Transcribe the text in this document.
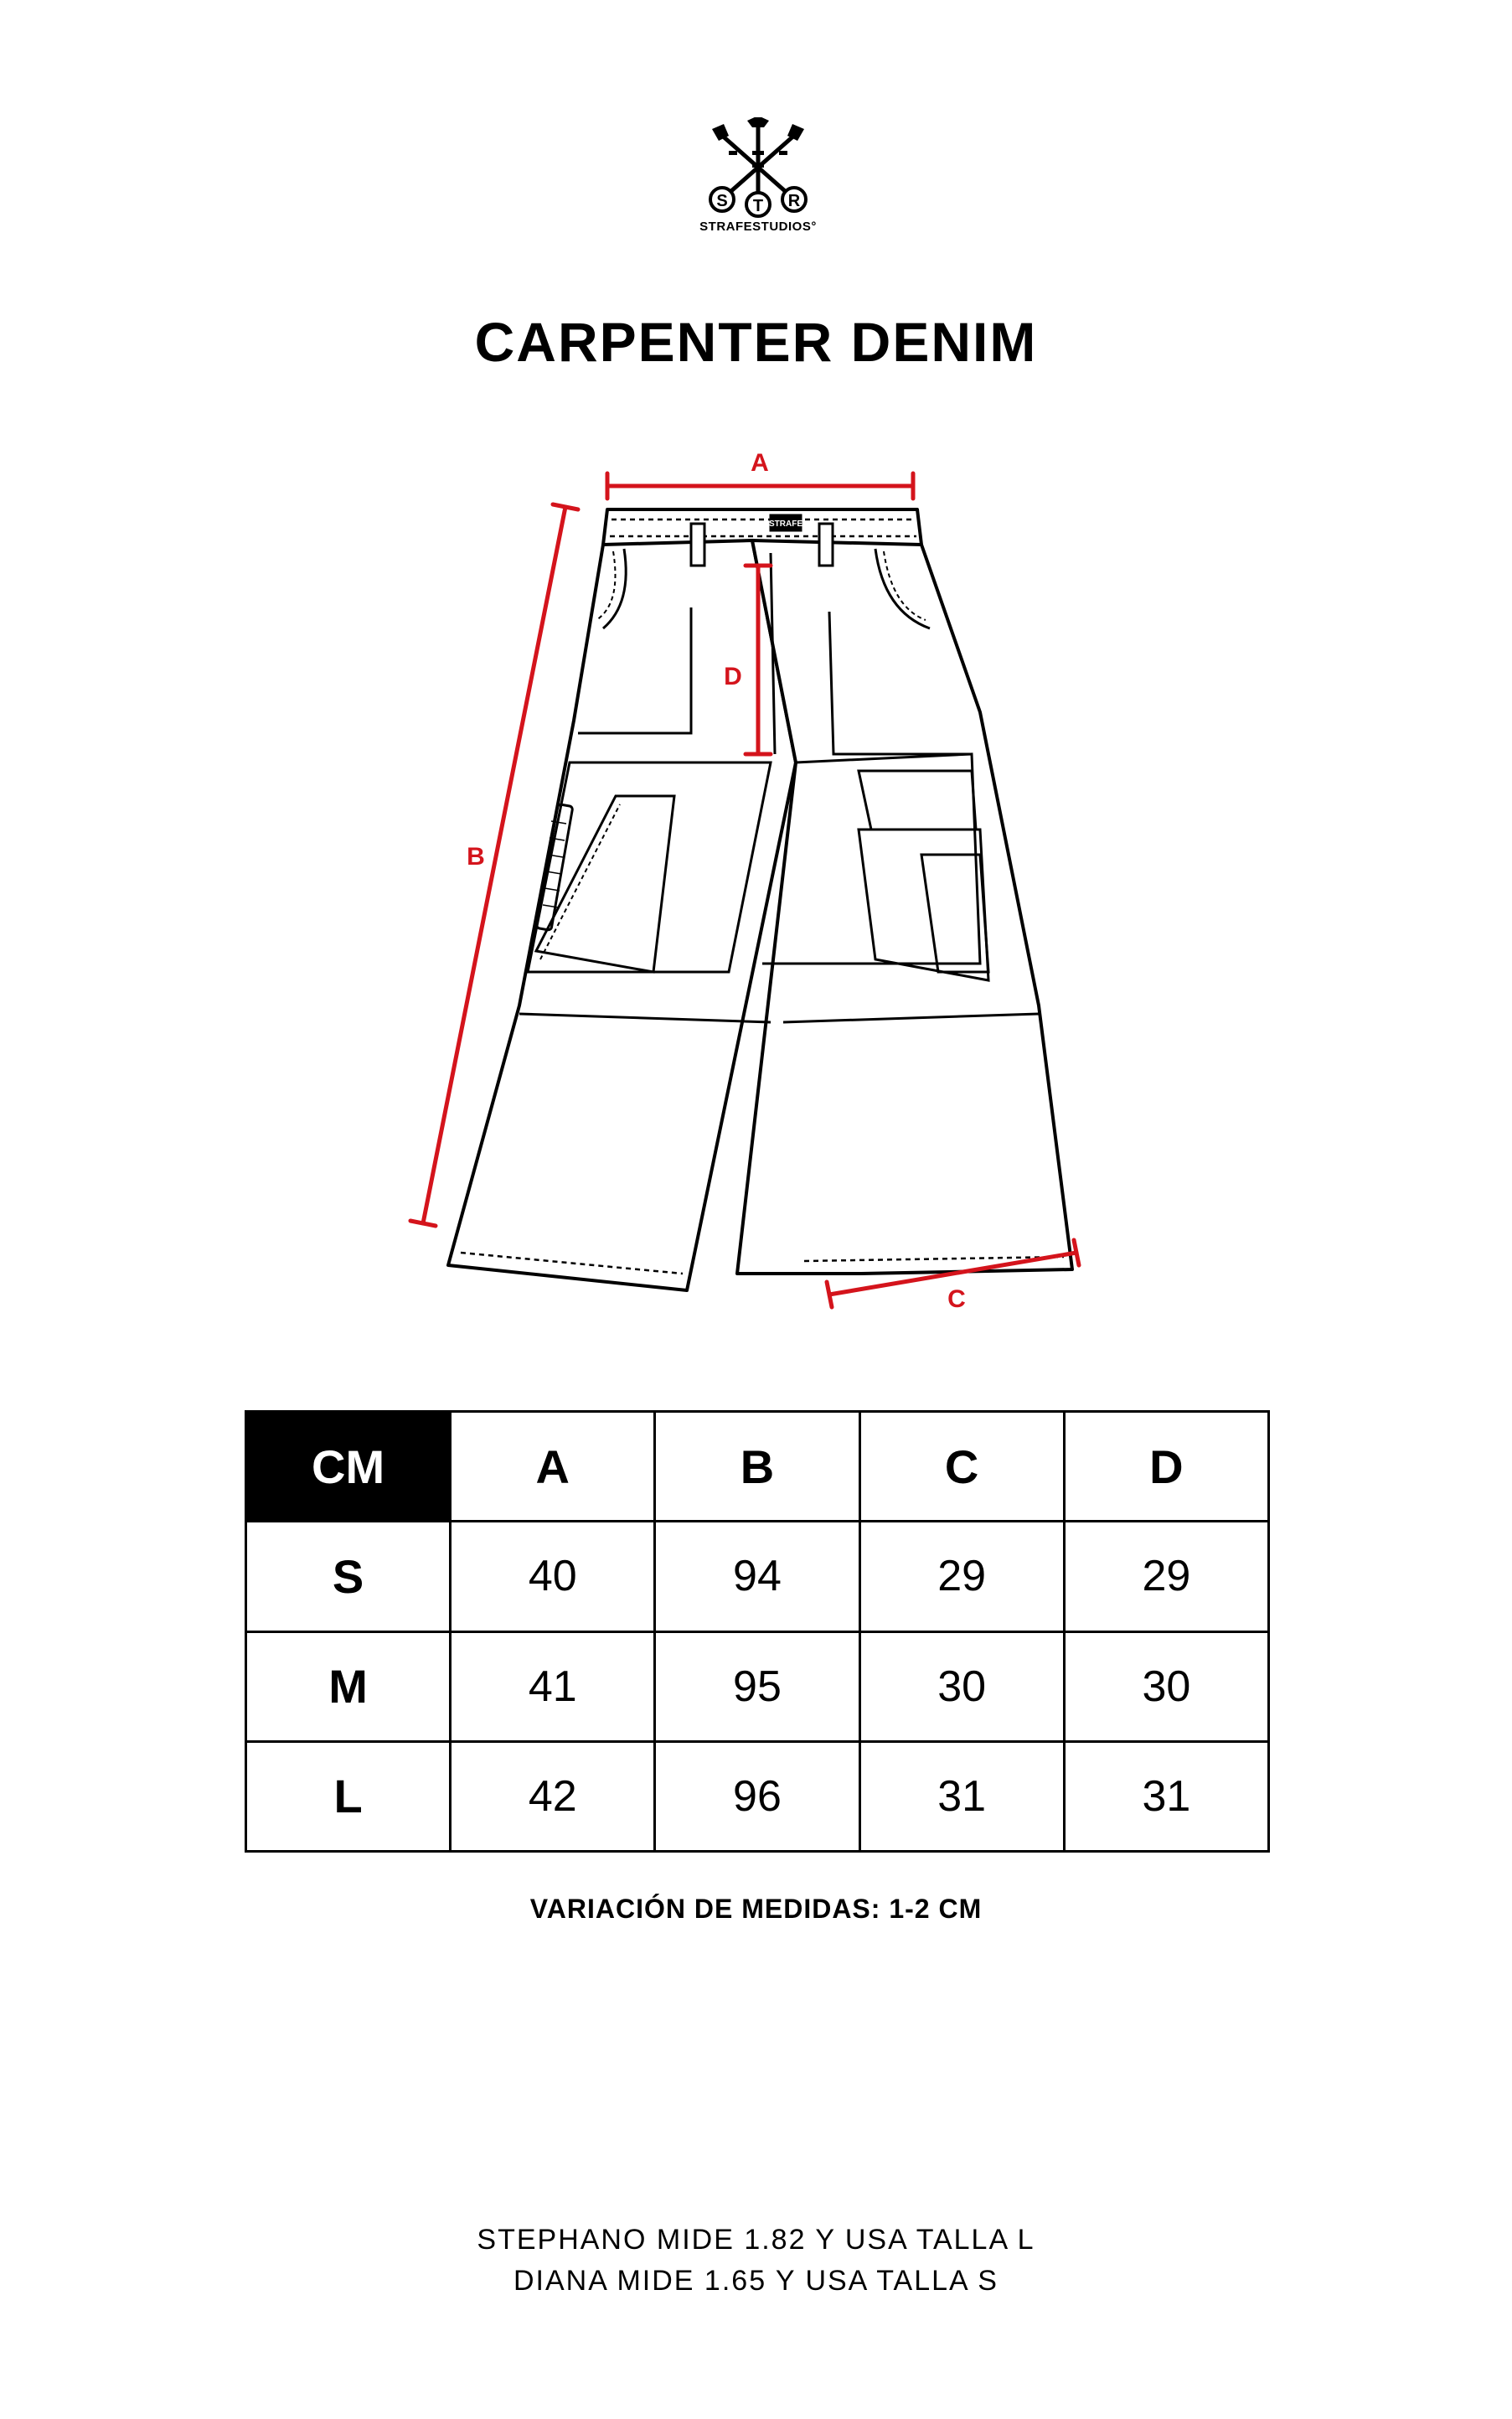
S T R
STRAFESTUDIOS°
CARPENTER DENIM
STRAFE
A
B
C
D
CM	A	B	C	D
S	40	94	29	29
M	41	95	30	30
L	42	96	31	31
VARIACIÓN DE MEDIDAS: 1-2 CM
STEPHANO MIDE 1.82 Y USA TALLA L
DIANA MIDE 1.65 Y USA TALLA S
